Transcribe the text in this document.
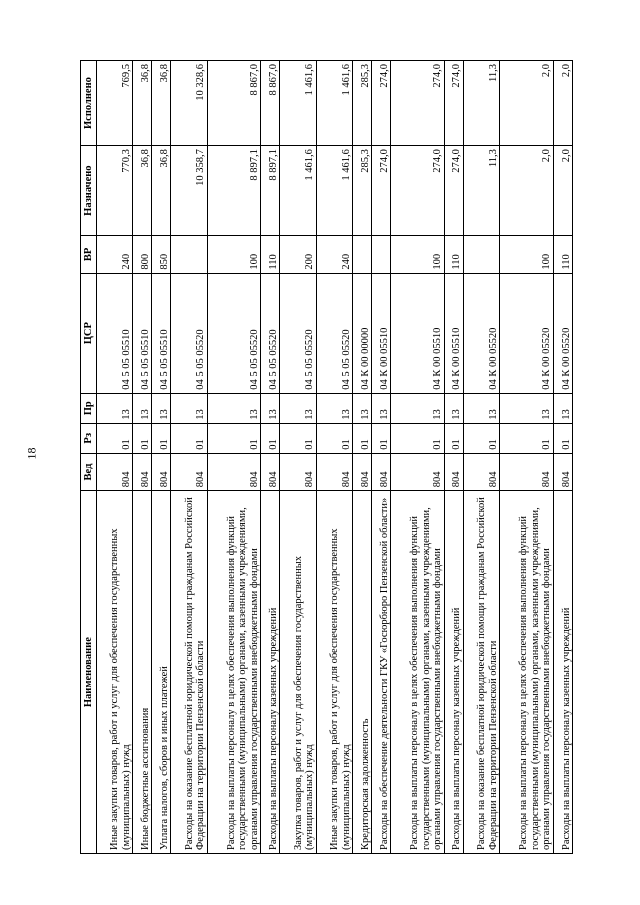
18
Наименование	Вед	Рз	Пр	ЦСР	ВР	Назначено	Исполнено
Иные закупки товаров, работ и услуг для обеспечения государственных (муниципальных) нужд	804	01	13	04 5 05 05510	240	770,3	769,5
Иные бюджетные ассигнования	804	01	13	04 5 05 05510	800	36,8	36,8
Уплата налогов, сборов и иных платежей	804	01	13	04 5 05 05510	850	36,8	36,8
Расходы на оказание бесплатной юридической помощи гражданам Российской Федерации на территории Пензенской области	804	01	13	04 5 05 05520		10 358,7	10 328,6
Расходы на выплаты персоналу в целях обеспечения выполнения функций государственными (муниципальными) органами, казенными учреждениями, органами управления государственными внебюджетными фондами	804	01	13	04 5 05 05520	100	8 897,1	8 867,0
Расходы на выплаты персоналу казенных учреждений	804	01	13	04 5 05 05520	110	8 897,1	8 867,0
Закупка товаров, работ и услуг для обеспечения государственных (муниципальных) нужд	804	01	13	04 5 05 05520	200	1 461,6	1 461,6
Иные закупки товаров, работ и услуг для обеспечения государственных (муниципальных) нужд	804	01	13	04 5 05 05520	240	1 461,6	1 461,6
Кредиторская задолженность	804	01	13	04 К 00 00000		285,3	285,3
Расходы на обеспечение деятельности ГКУ «Госюрбюро Пензенской области»	804	01	13	04 К 00 05510		274,0	274,0
Расходы на выплаты персоналу в целях обеспечения выполнения функций государственными (муниципальными) органами, казенными учреждениями, органами управления государственными внебюджетными фондами	804	01	13	04 К 00 05510	100	274,0	274,0
Расходы на выплаты персоналу казенных учреждений	804	01	13	04 К 00 05510	110	274,0	274,0
Расходы на оказание бесплатной юридической помощи гражданам Российской Федерации на территории Пензенской области	804	01	13	04 К 00 05520		11,3	11,3
Расходы на выплаты персоналу в целях обеспечения выполнения функций государственными (муниципальными) органами, казенными учреждениями, органами управления государственными внебюджетными фондами	804	01	13	04 К 00 05520	100	2,0	2,0
Расходы на выплаты персоналу казенных учреждений	804	01	13	04 К 00 05520	110	2,0	2,0
